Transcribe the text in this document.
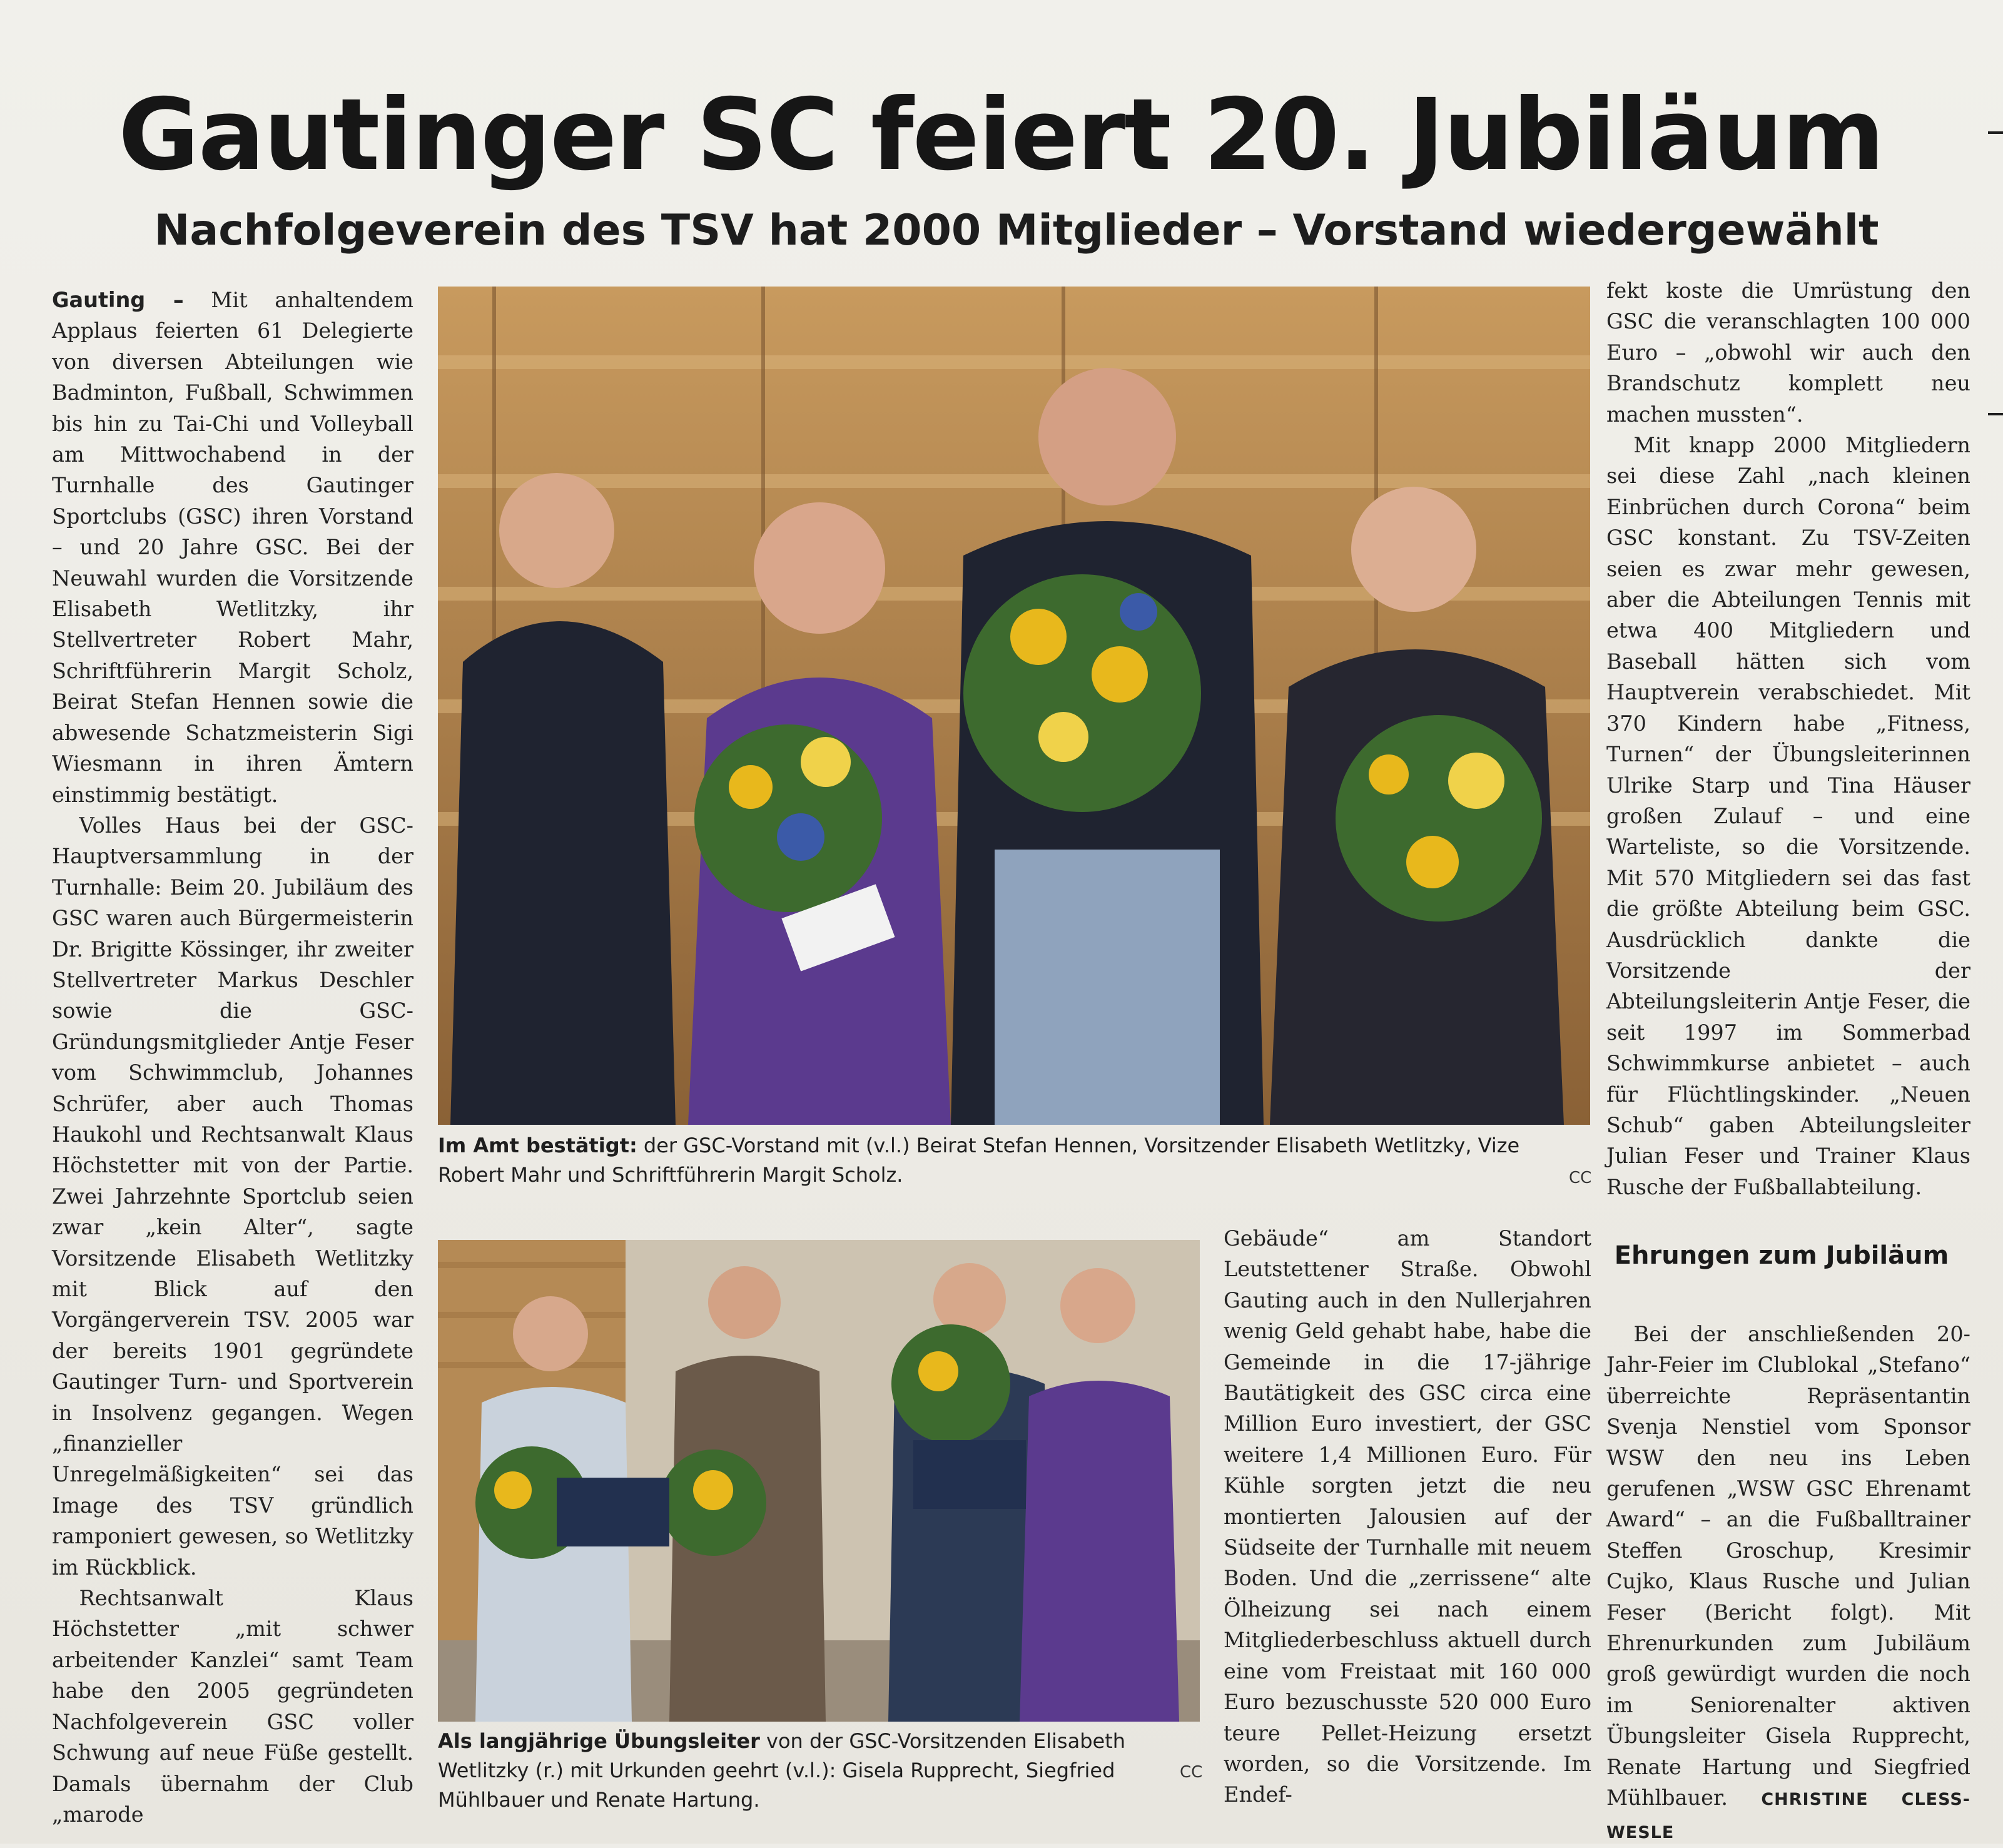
Gautinger SC feiert 20. Jubiläum
Nachfolgeverein des TSV hat 2000 Mitglieder – Vorstand wiedergewählt

Gauting – Mit anhaltendem Applaus feierten 61 Delegierte von diversen Abteilungen wie Badminton, Fußball, Schwimmen bis hin zu Tai-Chi und Volleyball am Mittwochabend in der Turnhalle des Gautinger Sportclubs (GSC) ihren Vorstand – und 20 Jahre GSC. Bei der Neuwahl wurden die Vorsitzende Elisabeth Wetlitzky, ihr Stellvertreter Robert Mahr, Schriftführerin Margit Scholz, Beirat Stefan Hennen sowie die abwesende Schatzmeisterin Sigi Wiesmann in ihren Ämtern einstimmig bestätigt.

Volles Haus bei der GSC-Hauptversammlung in der Turnhalle: Beim 20. Jubiläum des GSC waren auch Bürgermeisterin Dr. Brigitte Kössinger, ihr zweiter Stellvertreter Markus Deschler sowie die GSC-Gründungsmitglieder Antje Feser vom Schwimmclub, Johannes Schrüfer, aber auch Thomas Haukohl und Rechtsanwalt Klaus Höchstetter mit von der Partie. Zwei Jahrzehnte Sportclub seien zwar „kein Alter“, sagte Vorsitzende Elisabeth Wetlitzky mit Blick auf den Vorgängerverein TSV. 2005 war der bereits 1901 gegründete Gautinger Turn- und Sportverein in Insolvenz gegangen. Wegen „finanzieller Unregelmäßigkeiten“ sei das Image des TSV gründlich ramponiert gewesen, so Wetlitzky im Rückblick.

Rechtsanwalt Klaus Höchstetter „mit schwer arbeitender Kanzlei“ samt Team habe den 2005 gegründeten Nachfolgeverein GSC voller Schwung auf neue Füße gestellt. Damals übernahm der Club „marode

Im Amt bestätigt: der GSC-Vorstand mit (v.l.) Beirat Stefan Hennen, Vorsitzender Elisabeth Wetlitzky, Vize Robert Mahr und Schriftführerin Margit Scholz.	CC
Als langjährige Übungsleiter von der GSC-Vorsitzenden Elisabeth Wetlitzky (r.) mit Urkunden geehrt (v.l.): Gisela Rupprecht, Siegfried Mühlbauer und Renate Hartung.
CC

Gebäude“ am Standort Leutstettener Straße. Obwohl Gauting auch in den Nullerjahren wenig Geld gehabt habe, habe die Gemeinde in die 17-jährige Bautätigkeit des GSC circa eine Million Euro investiert, der GSC weitere 1,4 Millionen Euro. Für Kühle sorgten jetzt die neu montierten Jalousien auf der Südseite der Turnhalle mit neuem Boden. Und die „zerrissene“ alte Ölheizung sei nach einem Mitgliederbeschluss aktuell durch eine vom Freistaat mit 160 000 Euro bezuschusste 520 000 Euro teure Pellet-Heizung ersetzt worden, so die Vorsitzende. Im Endef-

fekt koste die Umrüstung den GSC die veranschlagten 100 000 Euro – „obwohl wir auch den Brandschutz komplett neu machen mussten“.

Mit knapp 2000 Mitgliedern sei diese Zahl „nach kleinen Einbrüchen durch Corona“ beim GSC konstant. Zu TSV-Zeiten seien es zwar mehr gewesen, aber die Abteilungen Tennis mit etwa 400 Mitgliedern und Baseball hätten sich vom Hauptverein verabschiedet. Mit 370 Kindern habe „Fitness, Turnen“ der Übungsleiterinnen Ulrike Starp und Tina Häuser großen Zulauf – und eine Warteliste, so die Vorsitzende. Mit 570 Mitgliedern sei das fast die größte Abteilung beim GSC. Ausdrücklich dankte die Vorsitzende der Abteilungsleiterin Antje Feser, die seit 1997 im Sommerbad Schwimmkurse anbietet – auch für Flüchtlingskinder. „Neuen Schub“ gaben Abteilungsleiter Julian Feser und Trainer Klaus Rusche der Fußballabteilung.

Ehrungen zum Jubiläum

Bei der anschließenden 20-Jahr-Feier im Clublokal „Stefano“ überreichte Repräsentantin Svenja Nenstiel vom Sponsor WSW den neu ins Leben gerufenen „WSW GSC Ehrenamt Award“ – an die Fußballtrainer Steffen Groschup, Kresimir Cujko, Klaus Rusche und Julian Feser (Bericht folgt). Mit Ehrenurkunden zum Jubiläum groß gewürdigt wurden die noch im Seniorenalter aktiven Übungsleiter Gisela Rupprecht, Renate Hartung und Siegfried Mühlbauer. CHRISTINE CLESS-WESLE
